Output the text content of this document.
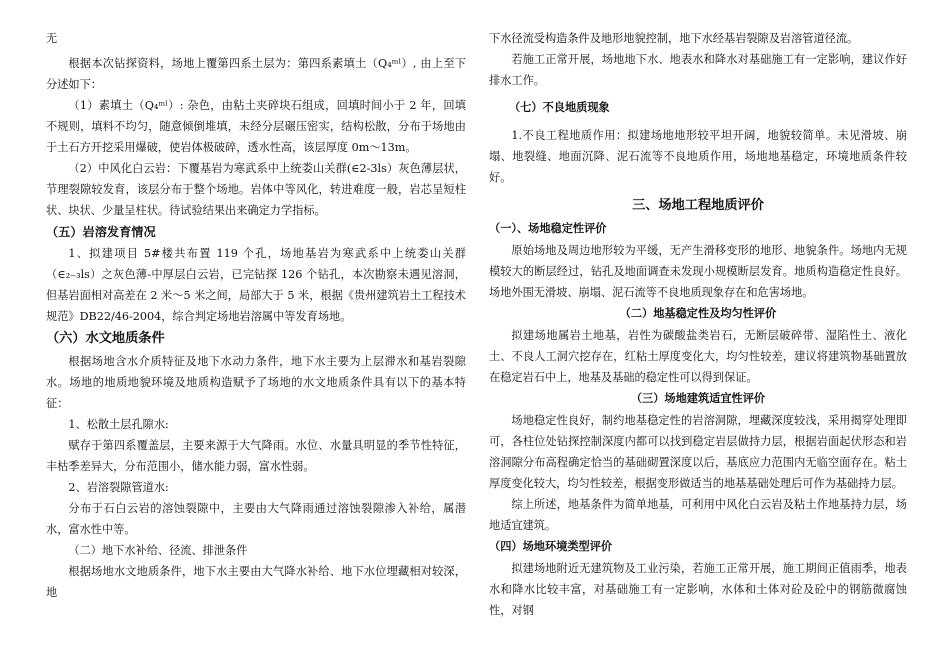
无

根据本次钻探资料，场地上覆第四系土层为：第四系素填土（Q₄ᵐˡ）, 由上至下分述如下：

（1）素填土（Q₄ᵐˡ）: 杂色，由粘土夹碎块石组成，回填时间小于 2 年，回填不规则，填料不均匀，随意倾倒堆填，未经分层碾压密实，结构松散，分布于场地由于土石方开挖采用爆破，使岩体极破碎，透水性高，该层厚度 0m～13m。

（2）中风化白云岩：下覆基岩为寒武系中上统娄山关群(∈2-3ls）灰色薄层状，节理裂隙较发育，该层分布于整个场地。岩体中等风化，转进难度一般，岩芯呈短柱状、块状、少量呈柱状。待试验结果出来确定力学指标。

（五）岩溶发育情况

1、拟建项目 5#楼共布置 119 个孔，场地基岩为寒武系中上统娄山关群（∈₂₋₃ls）之灰色薄-中厚层白云岩，已完钻探 126 个钻孔，本次勘察未遇见溶洞，但基岩面相对高差在 2 米～5 米之间，局部大于 5 米，根据《贵州建筑岩土工程技术规范》DB22/46-2004，综合判定场地岩溶属中等发育场地。

（六）水文地质条件

根据场地含水介质特征及地下水动力条件，地下水主要为上层滞水和基岩裂隙水。场地的地质地貌环境及地质构造赋予了场地的水文地质条件具有以下的基本特征：

1、松散土层孔隙水:

赋存于第四系覆盖层，主要来源于大气降雨。水位、水量具明显的季节性特征，丰枯季差异大，分布范围小，储水能力弱，富水性弱。

2、岩溶裂隙管道水:

分布于石白云岩的溶蚀裂隙中，主要由大气降雨通过溶蚀裂隙渗入补给，属潜水，富水性中等。

（二）地下水补给、径流、排泄条件

根据场地水文地质条件，地下水主要由大气降水补给、地下水位埋藏相对较深，地

下水径流受构造条件及地形地貌控制，地下水经基岩裂隙及岩溶管道径流。

若施工正常开展，场地地下水、地表水和降水对基础施工有一定影响，建议作好排水工作。

（七）不良地质现象

1.不良工程地质作用：拟建场地地形较平坦开阔，地貌较简单。未见滑坡、崩塌、地裂缝、地面沉降、泥石流等不良地质作用，场地地基稳定，环境地质条件较好。

三、场地工程地质评价
（一）、场地稳定性评价

原始场地及周边地形较为平缓，无产生滑移变形的地形、地貌条件。场地内无规模较大的断层经过，钻孔及地面调查未发现小规模断层发育。地质构造稳定性良好。场地外围无滑坡、崩塌、泥石流等不良地质现象存在和危害场地。

（二）地基稳定性及均匀性评价

拟建场地属岩土地基，岩性为碳酸盐类岩石，无断层破碎带、湿陷性土、液化土、不良人工洞穴挖存在，红粘土厚度变化大，均匀性较差，建议将建筑物基础置放在稳定岩石中上，地基及基础的稳定性可以得到保证。

（三）场地建筑适宜性评价

场地稳定性良好，制约地基稳定性的岩溶洞隙，埋藏深度较浅，采用揭穿处理即可，各柱位处钻探控制深度内都可以找到稳定岩层做持力层，根据岩面起伏形态和岩溶洞隙分布高程确定恰当的基础砌置深度以后，基底应力范围内无临空面存在。粘土厚度变化较大，均匀性较差，根据变形做适当的地基基础处理后可作为基础持力层。

综上所述，地基条件为简单地基，可利用中风化白云岩及粘土作地基持力层，场地适宜建筑。

（四）场地环境类型评价

拟建场地附近无建筑物及工业污染，若施工正常开展，施工期间正值雨季，地表水和降水比较丰富，对基础施工有一定影响，水体和土体对砼及砼中的钢筋微腐蚀性，对钢
